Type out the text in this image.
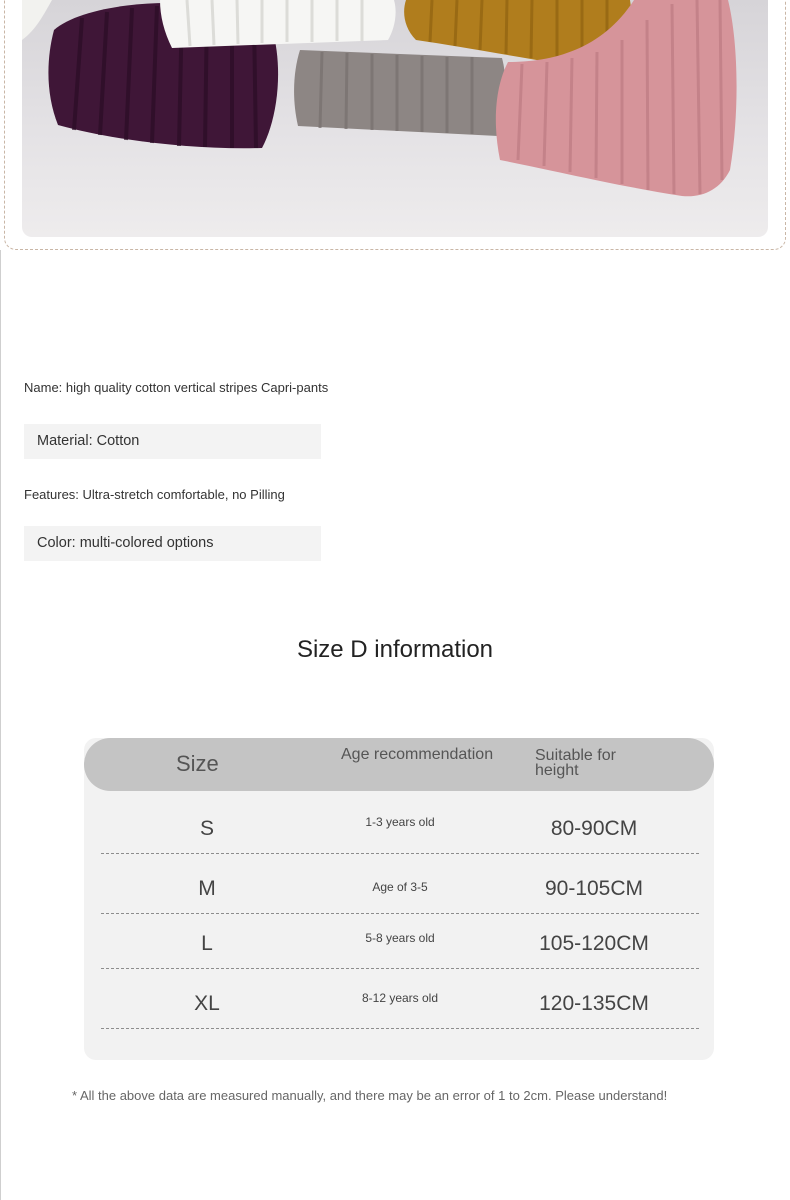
Name: high quality cotton vertical stripes Capri-pants
Material: Cotton
Features: Ultra-stretch comfortable, no Pilling
Color: multi-colored options
Size D information
Size	Age recommendation	Suitable for
height
S	1-3 years old	80-90CM
M	Age of 3-5	90-105CM
L	5-8 years old	105-120CM
XL	8-12 years old	120-135CM
* All the above data are measured manually, and there may be an error of 1 to 2cm. Please understand!
